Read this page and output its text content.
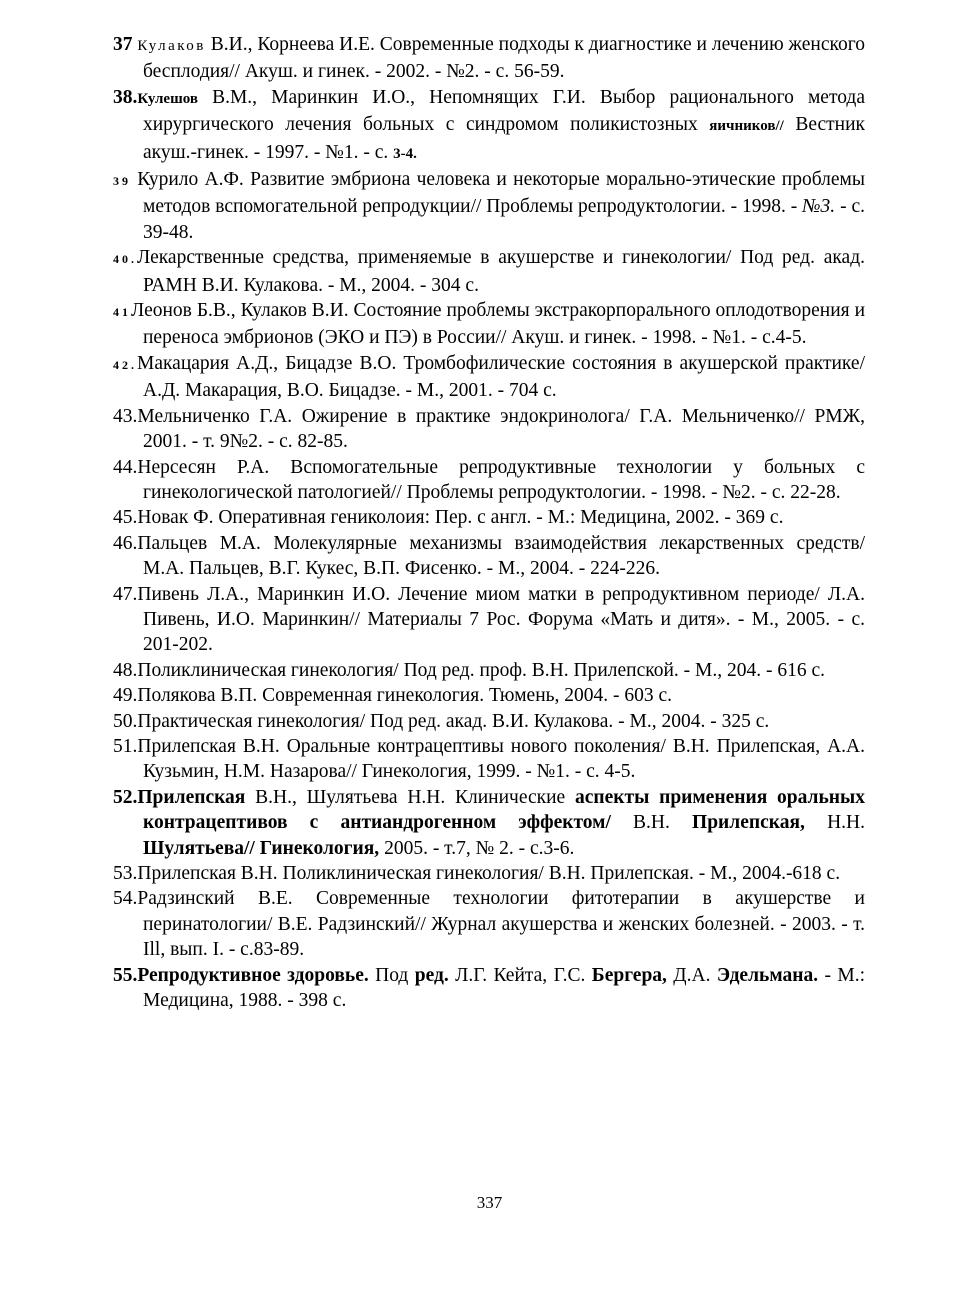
37 Кулаков В.И., Корнеева И.Е. Современные подходы к диагностике и лечению женского бесплодия// Акуш. и гинек. - 2002. - №2. - с. 56-59.
38.Кулешов В.М., Маринкин И.О., Непомнящих Г.И. Выбор рационального метода хирургического лечения больных с синдромом поликистозных яичников// Вестник акуш.-гинек. - 1997. - №1. - с. 3-4.
39 Курило А.Ф. Развитие эмбриона человека и некоторые морально-этические проблемы методов вспомогательной репродукции// Проблемы репродуктологии. - 1998. - №3. - с. 39-48.
40.Лекарственные средства, применяемые в акушерстве и гинекологии/ Под ред. акад. РАМН В.И. Кулакова. - М., 2004. - 304 с.
41Леонов Б.В., Кулаков В.И. Состояние проблемы экстракорпорального оплодотворения и переноса эмбрионов (ЭКО и ПЭ) в России// Акуш. и гинек. - 1998. - №1. - с.4-5.
42.Макацария А.Д., Бицадзе В.О. Тромбофилические состояния в акушерской практике/ А.Д. Макарация, В.О. Бицадзе. - М., 2001. - 704 с.
43.Мельниченко Г.А. Ожирение в практике эндокринолога/ Г.А. Мельниченко// РМЖ, 2001. - т. 9№2. - с. 82-85.
44.Нерсесян Р.А. Вспомогательные репродуктивные технологии у больных с гинекологической патологией// Проблемы репродуктологии. - 1998. - №2. - с. 22-28.
45.Новак Ф. Оперативная гениколоия: Пер. с англ. - М.: Медицина, 2002. - 369 с.
46.Пальцев М.А. Молекулярные механизмы взаимодействия лекарственных средств/ М.А. Пальцев, В.Г. Кукес, В.П. Фисенко. - М., 2004. - 224-226.
47.Пивень Л.А., Маринкин И.О. Лечение миом матки в репродуктивном периоде/ Л.А. Пивень, И.О. Маринкин// Материалы 7 Рос. Форума «Мать и дитя». - М., 2005. - с. 201-202.
48.Поликлиническая гинекология/ Под ред. проф. В.Н. Прилепской. - М., 204. - 616 с.
49.Полякова В.П. Современная гинекология. Тюмень, 2004. - 603 с.
50.Практическая гинекология/ Под ред. акад. В.И. Кулакова. - М., 2004. - 325 с.
51.Прилепская В.Н. Оральные контрацептивы нового поколения/ В.Н. Прилепская, А.А. Кузьмин, Н.М. Назарова// Гинекология, 1999. - №1. - с. 4-5.
52.Прилепская В.Н., Шулятьева Н.Н. Клинические аспекты применения оральных контрацептивов с антиандрогенном эффектом/ В.Н. Прилепская, Н.Н. Шулятьева// Гинекология, 2005. - т.7, № 2. - с.3-6.
53.Прилепская В.Н. Поликлиническая гинекология/ В.Н. Прилепская. - М., 2004.-618 с.
54.Радзинский В.Е. Современные технологии фитотерапии в акушерстве и перинатологии/ В.Е. Радзинский// Журнал акушерства и женских болезней. - 2003. - т. Ill, вып. I. - с.83-89.
55.Репродуктивное здоровье. Под ред. Л.Г. Кейта, Г.С. Бергера, Д.А. Эдельмана. - М.: Медицина, 1988. - 398 с.
337
